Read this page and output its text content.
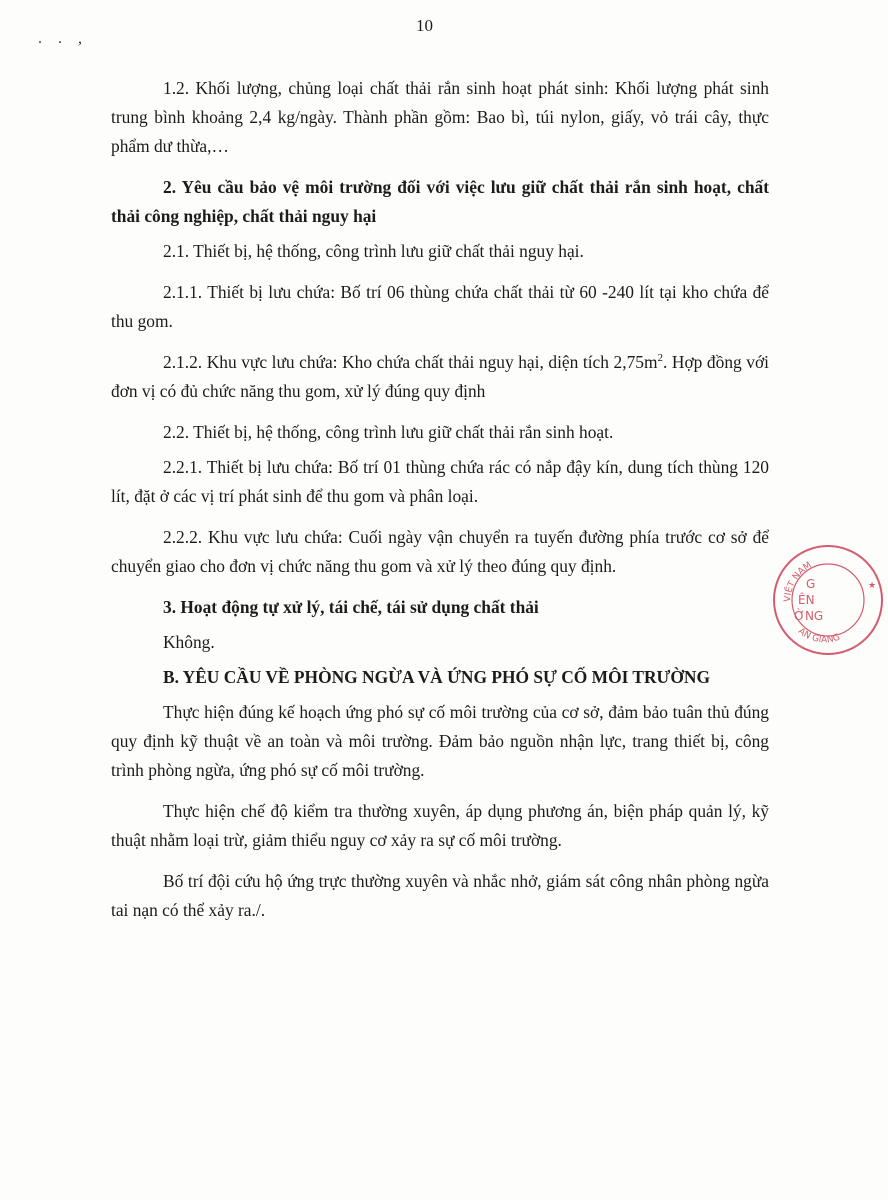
10
. . ,

1.2. Khối lượng, chủng loại chất thải rắn sinh hoạt phát sinh: Khối lượng phát sinh trung bình khoảng 2,4 kg/ngày. Thành phần gồm: Bao bì, túi nylon, giấy, vỏ trái cây, thực phẩm dư thừa,…

2. Yêu cầu bảo vệ môi trường đối với việc lưu giữ chất thải rắn sinh hoạt, chất thải công nghiệp, chất thải nguy hại

2.1. Thiết bị, hệ thống, công trình lưu giữ chất thải nguy hại.

2.1.1. Thiết bị lưu chứa: Bố trí 06 thùng chứa chất thải từ 60 -240 lít tại kho chứa để thu gom.

2.1.2. Khu vực lưu chứa: Kho chứa chất thải nguy hại, diện tích $2,75m^2$. Hợp đồng với đơn vị có đủ chức năng thu gom, xử lý đúng quy định

2.2. Thiết bị, hệ thống, công trình lưu giữ chất thải rắn sinh hoạt.

2.2.1. Thiết bị lưu chứa: Bố trí 01 thùng chứa rác có nắp đậy kín, dung tích thùng 120 lít, đặt ở các vị trí phát sinh để thu gom và phân loại.

2.2.2. Khu vực lưu chứa: Cuối ngày vận chuyển ra tuyến đường phía trước cơ sở để chuyển giao cho đơn vị chức năng thu gom và xử lý theo đúng quy định.

3. Hoạt động tự xử lý, tái chế, tái sử dụng chất thải

Không.

B. YÊU CẦU VỀ PHÒNG NGỪA VÀ ỨNG PHÓ SỰ CỐ MÔI TRƯỜNG

Thực hiện đúng kế hoạch ứng phó sự cố môi trường của cơ sở, đảm bảo tuân thủ đúng quy định kỹ thuật về an toàn và môi trường. Đảm bảo nguồn nhận lực, trang thiết bị, công trình phòng ngừa, ứng phó sự cố môi trường.

Thực hiện chế độ kiểm tra thường xuyên, áp dụng phương án, biện pháp quản lý, kỹ thuật nhằm loại trừ, giảm thiểu nguy cơ xảy ra sự cố môi trường.

Bố trí đội cứu hộ ứng trực thường xuyên và nhắc nhở, giám sát công nhân phòng ngừa tai nạn có thể xảy ra./.

VIỆT NAM
AN GIANG
G
ÊN
ỜNG
★
